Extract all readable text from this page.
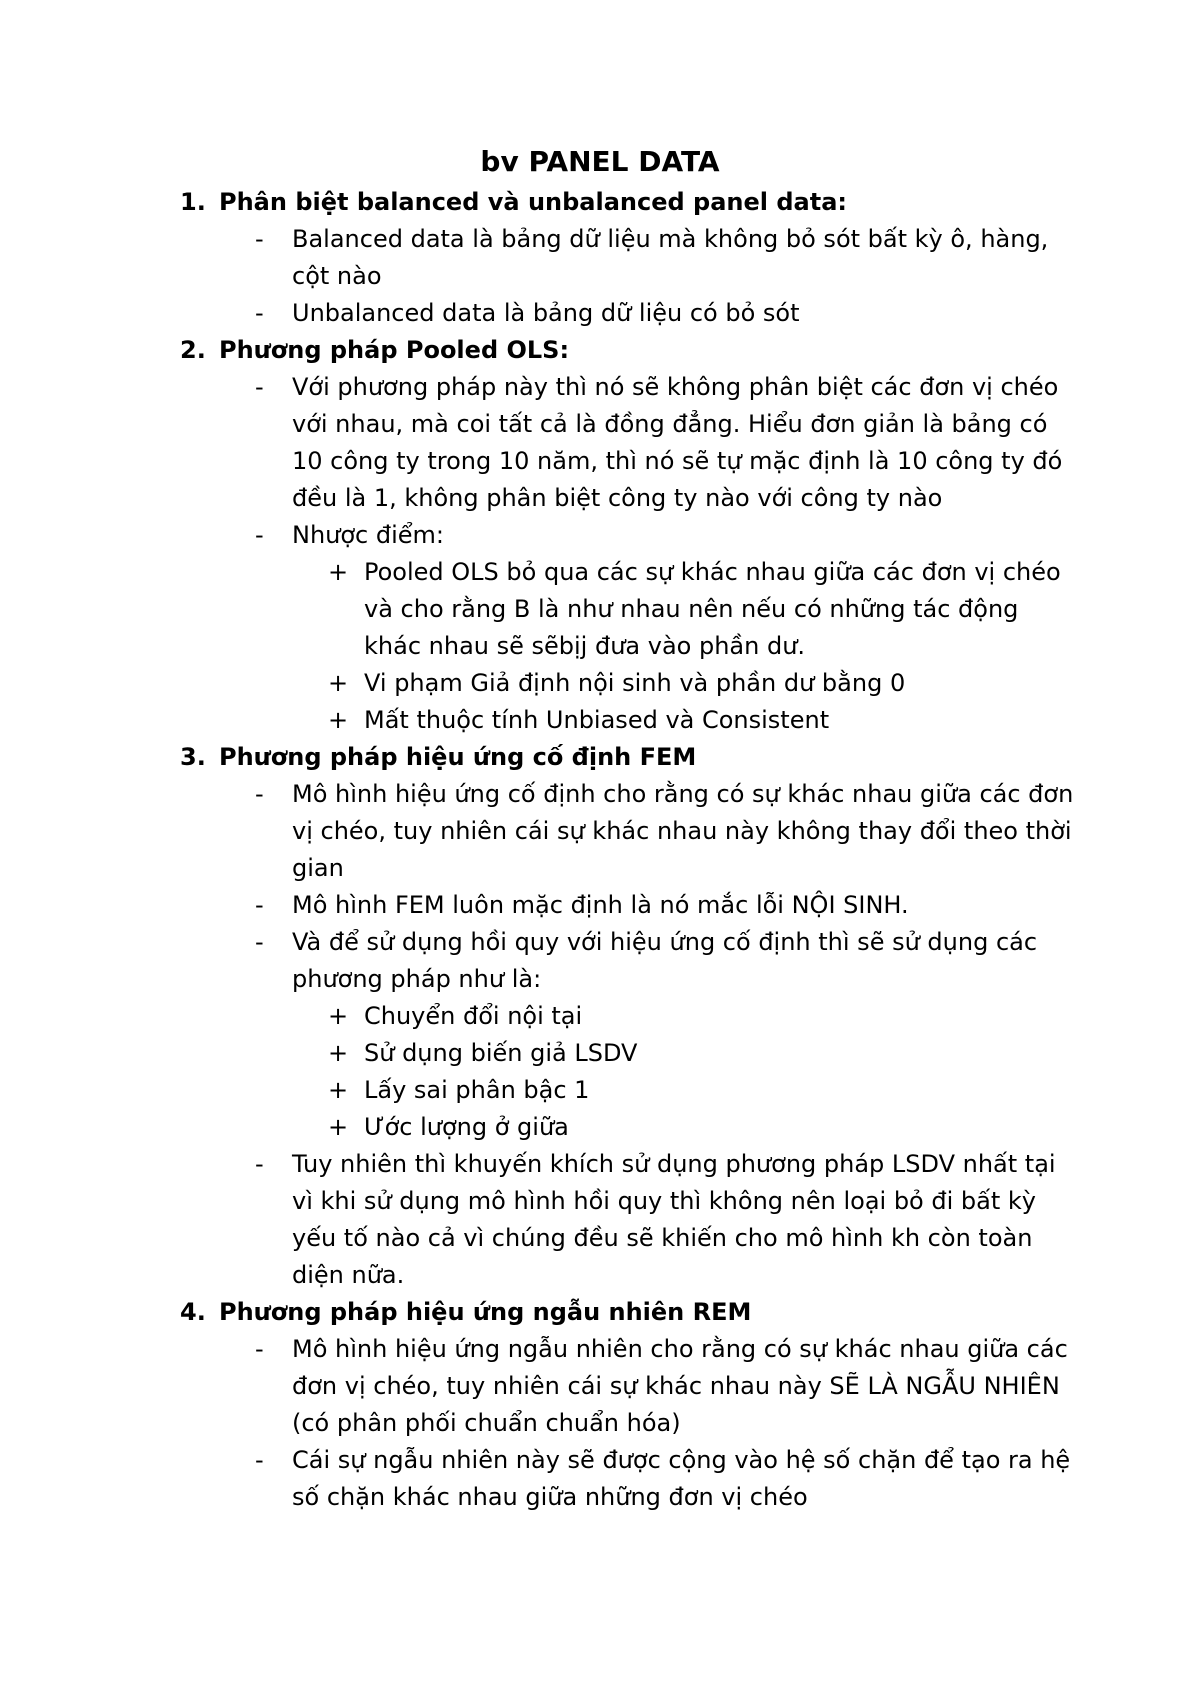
bv PANEL DATA
1. Phân biệt balanced và unbalanced panel data:
-	Balanced data là bảng dữ liệu mà không bỏ sót bất kỳ ô, hàng, cột nào
-	Unbalanced data là bảng dữ liệu có bỏ sót
2. Phương pháp Pooled OLS:
-	Với phương pháp này thì nó sẽ không phân biệt các đơn vị chéo với nhau, mà coi tất cả là đồng đẳng. Hiểu đơn giản là bảng có 10 công ty trong 10 năm, thì nó sẽ tự mặc định là 10 công ty đó đều là 1, không phân biệt công ty nào với công ty nào
-	Nhược điểm:
+ Pooled OLS bỏ qua các sự khác nhau giữa các đơn vị chéo và cho rằng B là như nhau nên nếu có những tác động khác nhau sẽ sẽbịj đưa vào phần dư.
+ Vi phạm Giả định nội sinh và phần dư bằng 0
+ Mất thuộc tính Unbiased và Consistent
3. Phương pháp hiệu ứng cố định FEM
-	Mô hình hiệu ứng cố định cho rằng có sự khác nhau giữa các đơn vị chéo, tuy nhiên cái sự khác nhau này không thay đổi theo thời gian
-	Mô hình FEM luôn mặc định là nó mắc lỗi NỘI SINH.
-	Và để sử dụng hồi quy với hiệu ứng cố định thì sẽ sử dụng các phương pháp như là:
+ Chuyển đổi nội tại
+ Sử dụng biến giả LSDV
+ Lấy sai phân bậc 1
+ Ước lượng ở giữa
-	Tuy nhiên thì khuyến khích sử dụng phương pháp LSDV nhất tại vì khi sử dụng mô hình hồi quy thì không nên loại bỏ đi bất kỳ yếu tố nào cả vì chúng đều sẽ khiến cho mô hình kh còn toàn diện nữa.
4. Phương pháp hiệu ứng ngẫu nhiên REM
-	Mô hình hiệu ứng ngẫu nhiên cho rằng có sự khác nhau giữa các đơn vị chéo, tuy nhiên cái sự khác nhau này SẼ LÀ NGẪU NHIÊN (có phân phối chuẩn chuẩn hóa)
-	Cái sự ngẫu nhiên này sẽ được cộng vào hệ số chặn để tạo ra hệ số chặn khác nhau giữa những đơn vị chéo
